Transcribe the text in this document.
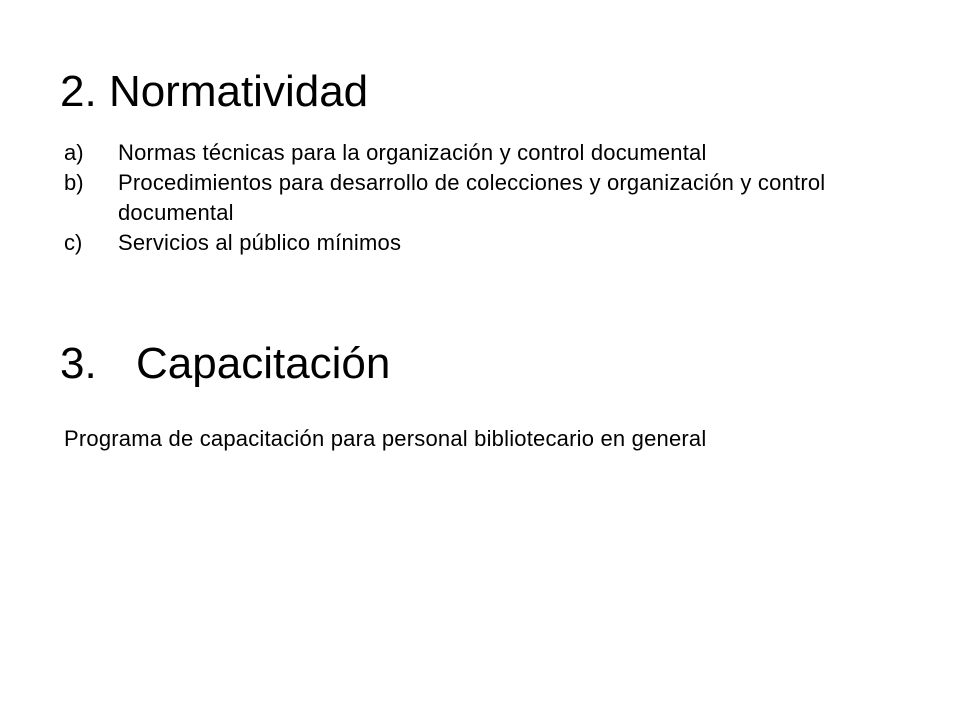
2. Normatividad
a)	Normas técnicas para la organización y control documental
b)	Procedimientos para desarrollo de colecciones y organización y control documental
c)	Servicios al público mínimos
3. Capacitación

Programa de capacitación para personal bibliotecario en general
